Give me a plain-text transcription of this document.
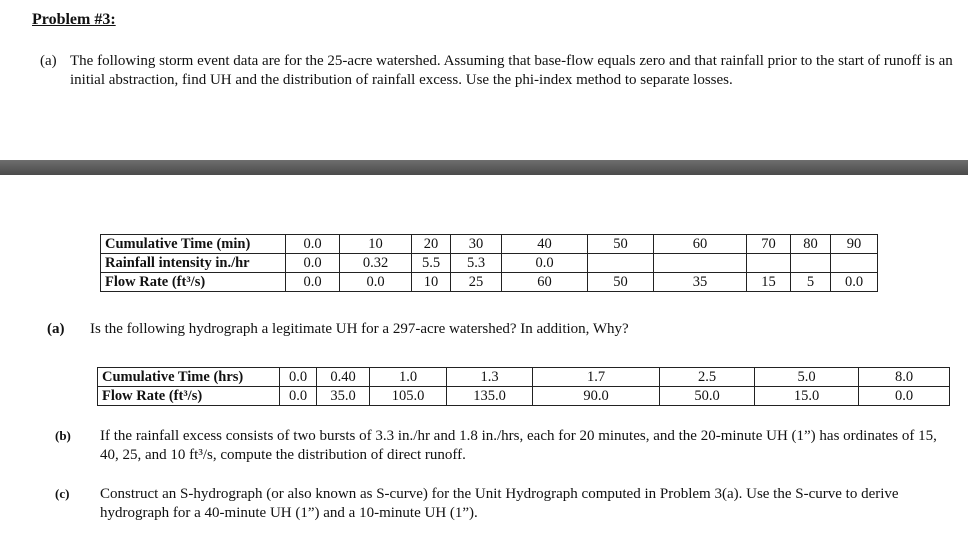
Problem #3:
(a) The following storm event data are for the 25-acre watershed. Assuming that base-flow equals zero and that rainfall prior to the start of runoff is an initial abstraction, find UH and the distribution of rainfall excess. Use the phi-index method to separate losses.
Cumulative Time (min)	0.0	10	20	30	40	50	60	70	80	90
Rainfall intensity in./hr	0.0	0.32	5.5	5.3	0.0					
Flow Rate (ft³/s)	0.0	0.0	10	25	60	50	35	15	5	0.0
(a) Is the following hydrograph a legitimate UH for a 297-acre watershed? In addition, Why?
Cumulative Time (hrs)	0.0	0.40	1.0	1.3	1.7	2.5	5.0	8.0
Flow Rate (ft³/s)	0.0	35.0	105.0	135.0	90.0	50.0	15.0	0.0
(b) If the rainfall excess consists of two bursts of 3.3 in./hr and 1.8 in./hrs, each for 20 minutes, and the 20-minute UH (1”) has ordinates of 15, 40, 25, and 10 ft³/s, compute the distribution of direct runoff.
(c) Construct an S-hydrograph (or also known as S-curve) for the Unit Hydrograph computed in Problem 3(a). Use the S-curve to derive hydrograph for a 40-minute UH (1”) and a 10-minute UH (1”).
